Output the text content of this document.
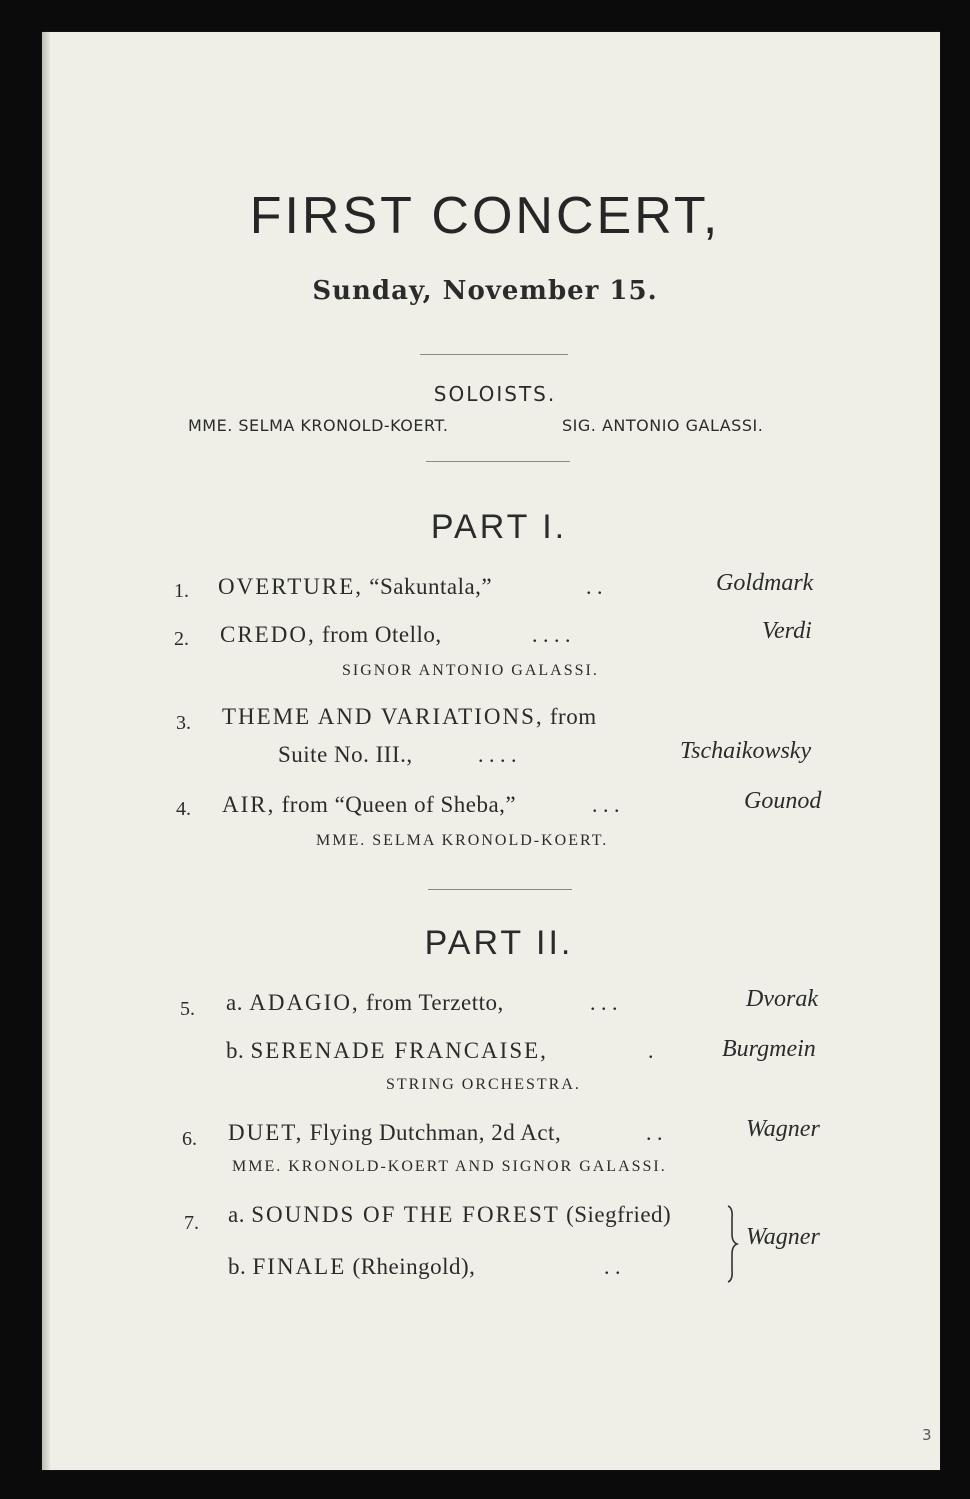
FIRST CONCERT,
Sunday, November 15.
SOLOISTS.
MME. SELMA KRONOLD-KOERT.	SIG. ANTONIO GALASSI.
PART I.
1. OVERTURE, “Sakuntala,”	. .	Goldmark
2. CREDO, from Otello,	. . . .	Verdi
SIGNOR ANTONIO GALASSI.
3. THEME AND VARIATIONS, from
Suite No. III.,	. . . .	Tschaikowsky
4. AIR, from “Queen of Sheba,”	. . .	Gounod
MME. SELMA KRONOLD-KOERT.
PART II.
5. a. ADAGIO, from Terzetto,	. . .	Dvorak
b. SERENADE FRANCAISE,	.	Burgmein
STRING ORCHESTRA.
6. DUET, Flying Dutchman, 2d Act,	. .	Wagner
MME. KRONOLD-KOERT AND SIGNOR GALASSI.
7. a. SOUNDS OF THE FOREST (Siegfried)
b. FINALE (Rheingold),	. .
Wagner
3
